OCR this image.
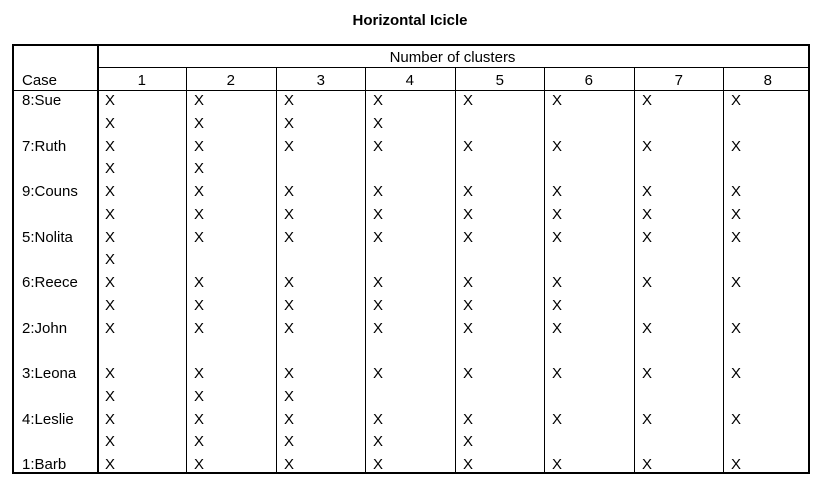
Horizontal Icicle
Number of clusters
Case	1	2	3	4	5	6	7	8
8:Sue	X	X	X	X	X	X	X	X
X	X	X	X
7:Ruth	X	X	X	X	X	X	X	X
X	X
9:Couns X	X	X	X	X	X	X	X
X	X	X	X	X	X	X	X
5:Nolita X	X	X	X	X	X	X	X
X
6:Reece X	X	X	X	X	X	X	X
X	X	X	X	X	X
2:John	X	X	X	X	X	X	X	X
3:Leona X	X	X	X	X	X	X	X
X	X	X
4:Leslie X	X	X	X	X	X	X	X
X	X	X	X	X
1:Barb	X	X	X	X	X	X	X	X
